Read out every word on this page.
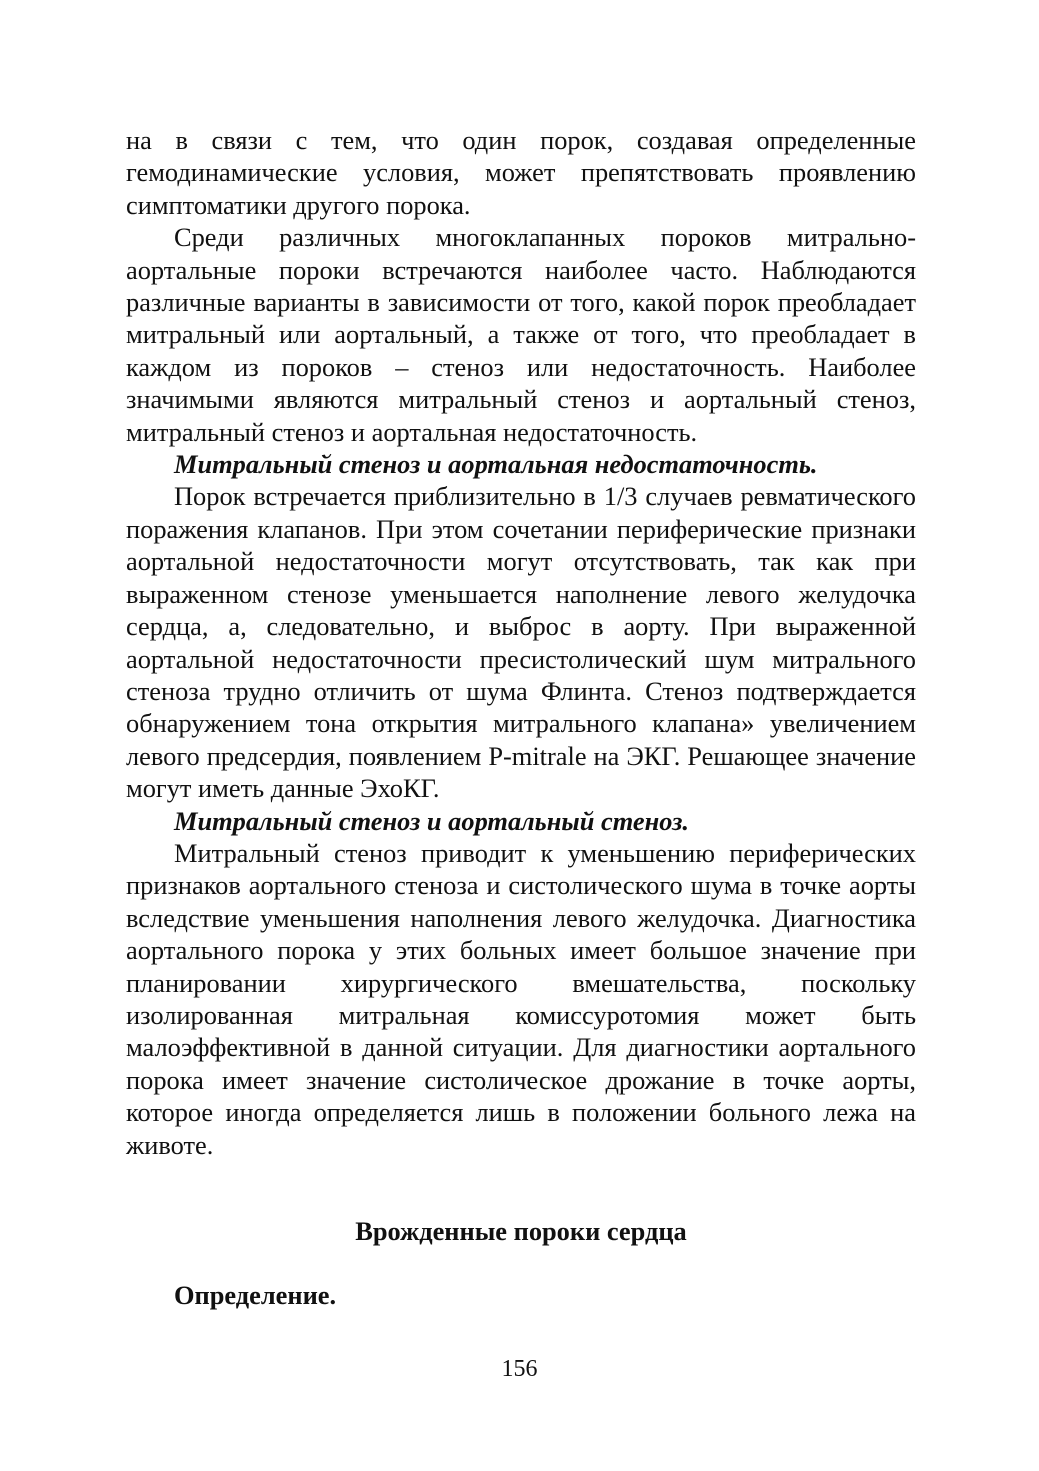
на в связи с тем, что один порок, создавая определенные гемодинамические условия, может препятствовать проявлению симптоматики другого порока.

Среди различных многоклапанных пороков митрально-аортальные пороки встречаются наиболее часто. Наблюдаются различные варианты в зависимости от того, какой порок преобладает митральный или аортальный, а также от того, что преобладает в каждом из пороков – стеноз или недостаточность. Наиболее значимыми являются митральный стеноз и аортальный стеноз, митральный стеноз и аортальная недостаточность.

Митральный стеноз и аортальная недостаточность.

Порок встречается приблизительно в 1/3 случаев ревматического поражения клапанов. При этом сочетании периферические признаки аортальной недостаточности могут отсутствовать, так как при выраженном стенозе уменьшается наполнение левого желудочка сердца, а, следовательно, и выброс в аорту. При выраженной аортальной недостаточности пресистолический шум митрального стеноза трудно отличить от шума Флинта. Стеноз подтверждается обнаружением тона открытия митрального клапана» увеличением левого предсердия, появлением P-mitrale на ЭКГ. Решающее значение могут иметь данные ЭхоКГ.

Митральный стеноз и аортальный стеноз.

Митральный стеноз приводит к уменьшению периферических признаков аортального стеноза и систолического шума в точке аорты вследствие уменьшения наполнения левого желудочка. Диагностика аортального порока у этих больных имеет большое значение при планировании хирургического вмешательства, поскольку изолированная митральная комиссуротомия может быть малоэффективной в данной ситуации. Для диагностики аортального порока имеет значение систолическое дрожание в точке аорты, которое иногда определяется лишь в положении больного лежа на животе.

Врожденные пороки сердца
Определение.
156
